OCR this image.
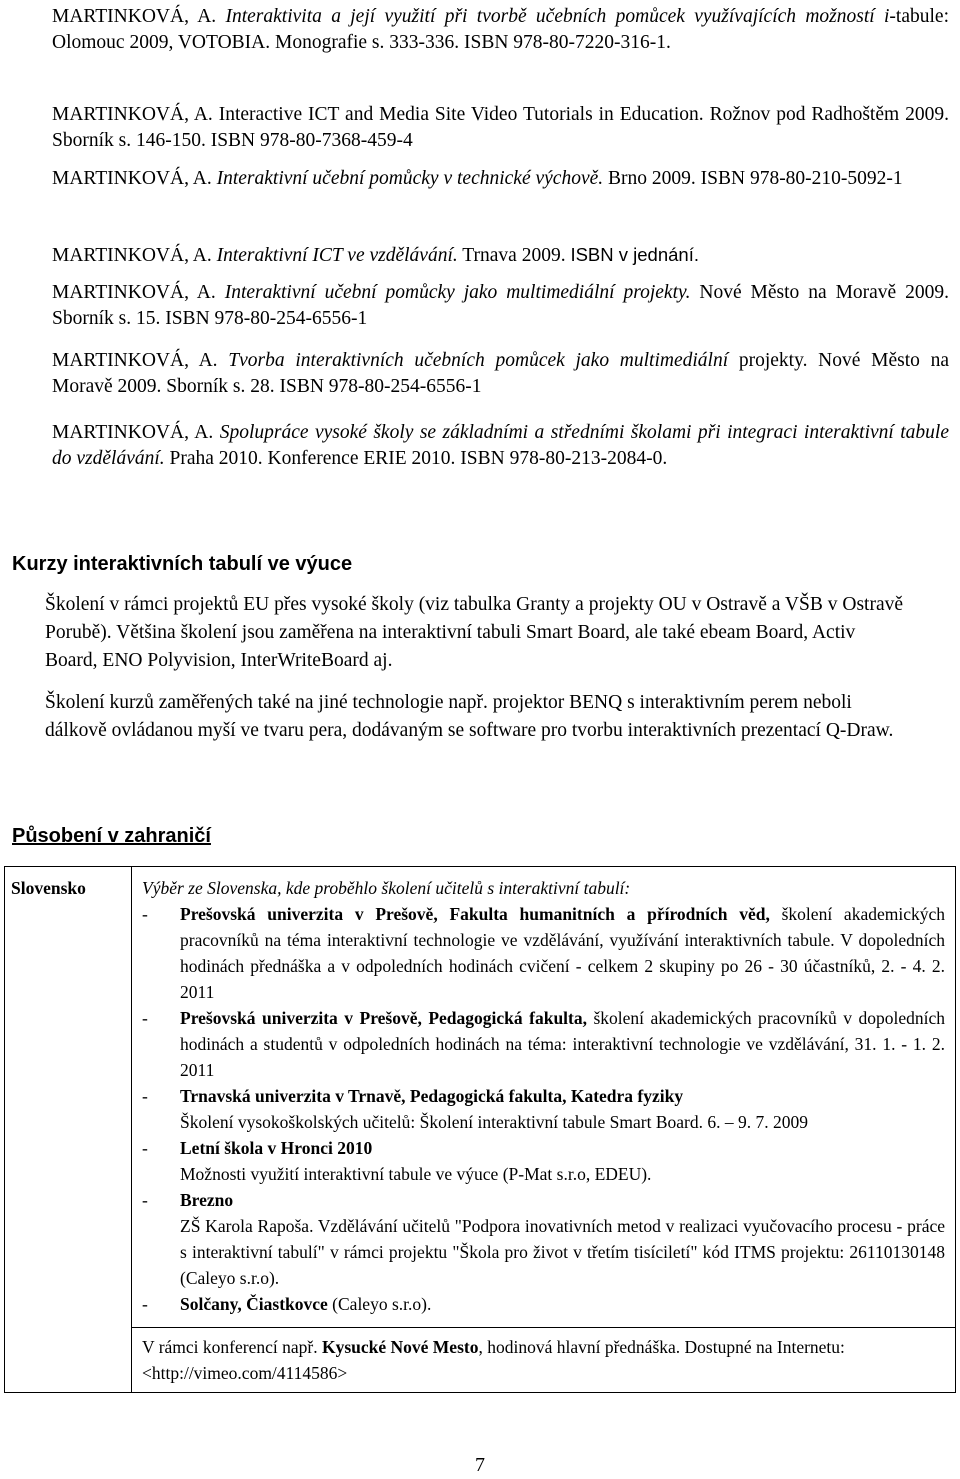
MARTINKOVÁ, A. Interaktivita a její využití při tvorbě učebních pomůcek využívajících možností i-tabule: Olomouc 2009, VOTOBIA. Monografie s. 333-336. ISBN 978-80-7220-316-1.
MARTINKOVÁ, A. Interactive ICT and Media Site Video Tutorials in Education. Rožnov pod Radhoštěm 2009. Sborník s. 146-150. ISBN 978-80-7368-459-4
MARTINKOVÁ, A. Interaktivní učební pomůcky v technické výchově. Brno 2009. ISBN 978-80-210-5092-1
MARTINKOVÁ, A. Interaktivní ICT ve vzdělávání. Trnava 2009. ISBN v jednání.
MARTINKOVÁ, A. Interaktivní učební pomůcky jako multimediální projekty. Nové Město na Moravě 2009. Sborník s. 15. ISBN 978-80-254-6556-1
MARTINKOVÁ, A. Tvorba interaktivních učebních pomůcek jako multimediální projekty. Nové Město na Moravě 2009. Sborník s. 28. ISBN 978-80-254-6556-1
MARTINKOVÁ, A. Spolupráce vysoké školy se základními a středními školami při integraci interaktivní tabule do vzdělávání. Praha 2010. Konference ERIE 2010. ISBN 978-80-213-2084-0.
Kurzy interaktivních tabulí ve výuce

Školení v rámci projektů EU přes vysoké školy (viz tabulka Granty a projekty OU v Ostravě a VŠB v Ostravě Porubě). Většina školení jsou zaměřena na interaktivní tabuli Smart Board, ale také ebeam Board, Activ Board, ENO Polyvision, InterWriteBoard aj.

Školení kurzů zaměřených také na jiné technologie např. projektor BENQ s interaktivním perem neboli dálkově ovládanou myší ve tvaru pera, dodávaným se software pro tvorbu interaktivních prezentací Q-Draw.

Působení v zahraničí
Slovensko	Výběr ze Slovenska, kde proběhlo školení učitelů s interaktivní tabulí:
-	Prešovská univerzita v Prešově, Fakulta humanitních a přírodních věd, školení akademických pracovníků na téma interaktivní technologie ve vzdělávání, využívání interaktivních tabule. V dopoledních hodinách přednáška a v odpoledních hodinách cvičení - celkem 2 skupiny po 26 - 30 účastníků, 2. - 4. 2. 2011
-	Prešovská univerzita v Prešově, Pedagogická fakulta, školení akademických pracovníků v dopoledních hodinách a studentů v odpoledních hodinách na téma: interaktivní technologie ve vzdělávání, 31. 1. - 1. 2. 2011
-	Trnavská univerzita v Trnavě, Pedagogická fakulta, Katedra fyziky
Školení vysokoškolských učitelů: Školení interaktivní tabule Smart Board. 6. – 9. 7. 2009
-	Letní škola v Hronci 2010
Možnosti využití interaktivní tabule ve výuce (P-Mat s.r.o, EDEU).
-	Brezno
ZŠ Karola Rapoša. Vzdělávání učitelů "Podpora inovativních metod v realizaci vyučovacího procesu - práce s interaktivní tabulí" v rámci projektu "Škola pro život v třetím tisíciletí" kód ITMS projektu: 26110130148 (Caleyo s.r.o).
-	Solčany, Čiastkovce (Caleyo s.r.o).

V rámci konferencí např. Kysucké Nové Mesto, hodinová hlavní přednáška. Dostupné na Internetu: <http://vimeo.com/4114586>
7
